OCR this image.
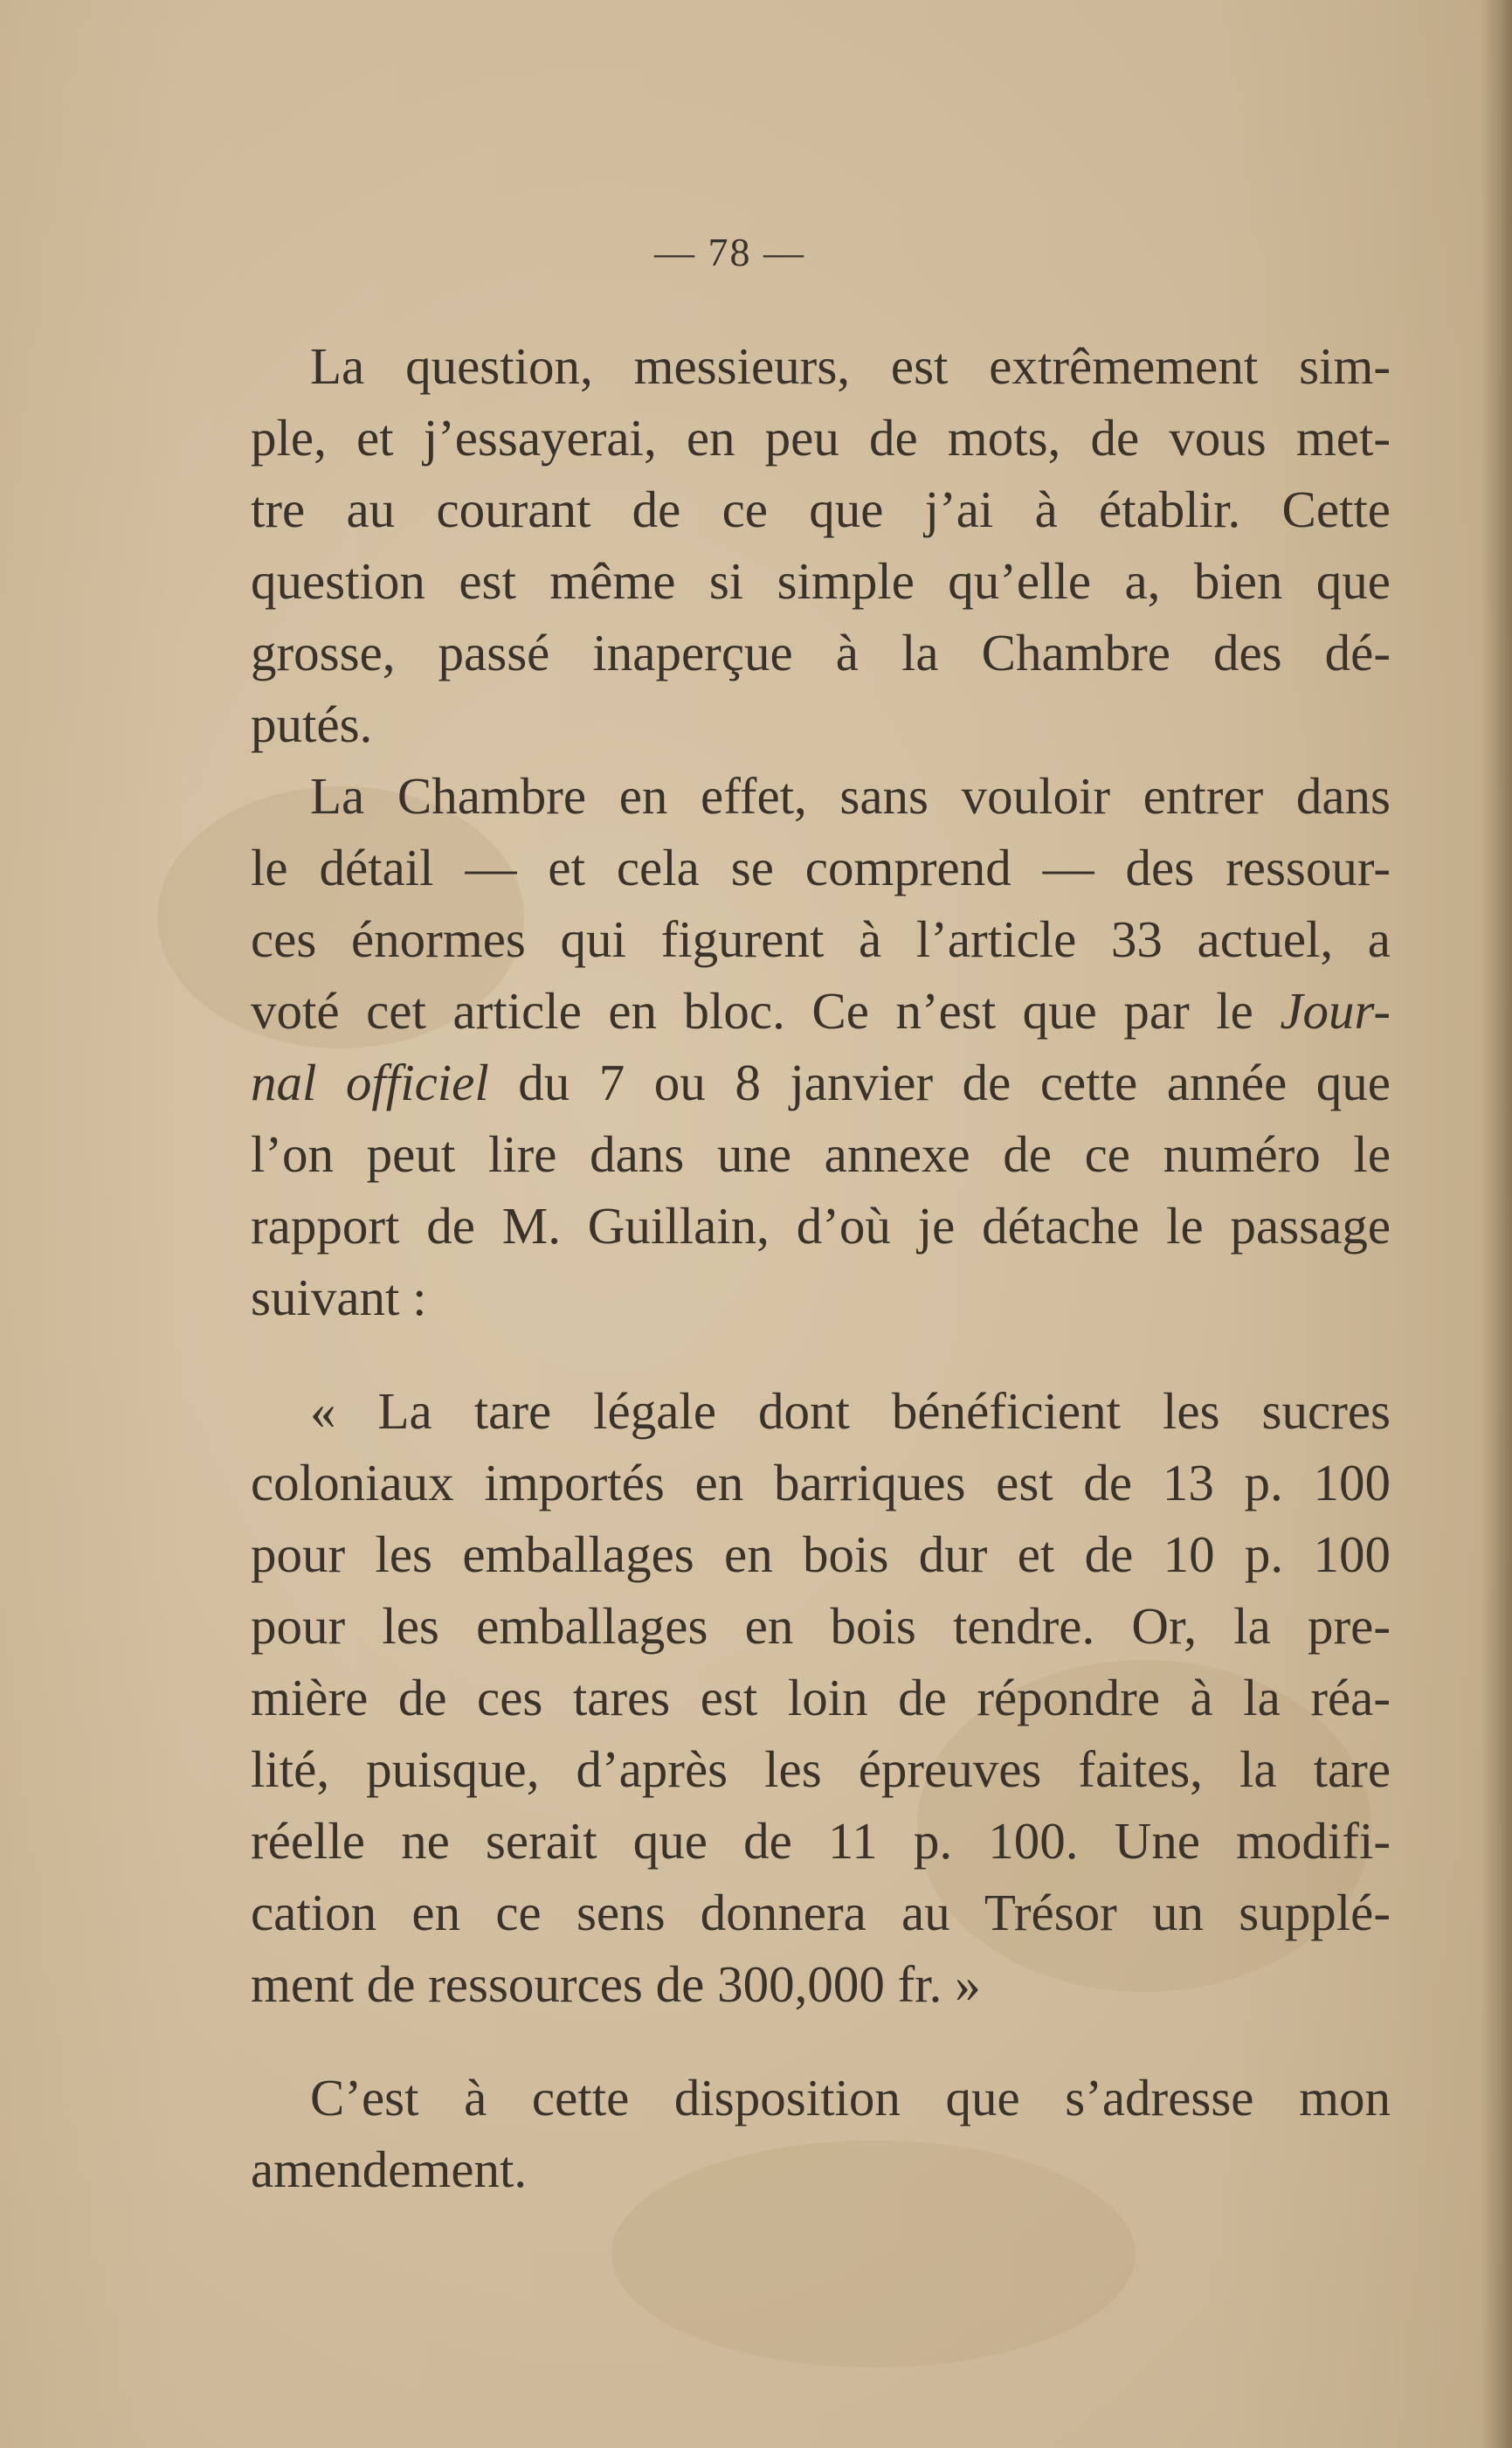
— 78 —
La question, messieurs, est extrêmement sim-
ple, et j’essayerai, en peu de mots, de vous met-
tre au courant de ce que j’ai à établir. Cette
question est même si simple qu’elle a, bien que
grosse, passé inaperçue à la Chambre des dé-
putés.
La Chambre en effet, sans vouloir entrer dans
le détail — et cela se comprend — des ressour-
ces énormes qui figurent à l’article 33 actuel, a
voté cet article en bloc. Ce n’est que par le Jour-
nal officiel du 7 ou 8 janvier de cette année que
l’on peut lire dans une annexe de ce numéro le
rapport de M. Guillain, d’où je détache le passage
suivant :
« La tare légale dont bénéficient les sucres
coloniaux importés en barriques est de 13 p. 100
pour les emballages en bois dur et de 10 p. 100
pour les emballages en bois tendre. Or, la pre-
mière de ces tares est loin de répondre à la réa-
lité, puisque, d’après les épreuves faites, la tare
réelle ne serait que de 11 p. 100. Une modifi-
cation en ce sens donnera au Trésor un supplé-
ment de ressources de 300,000 fr. »
C’est à cette disposition que s’adresse mon
amendement.
